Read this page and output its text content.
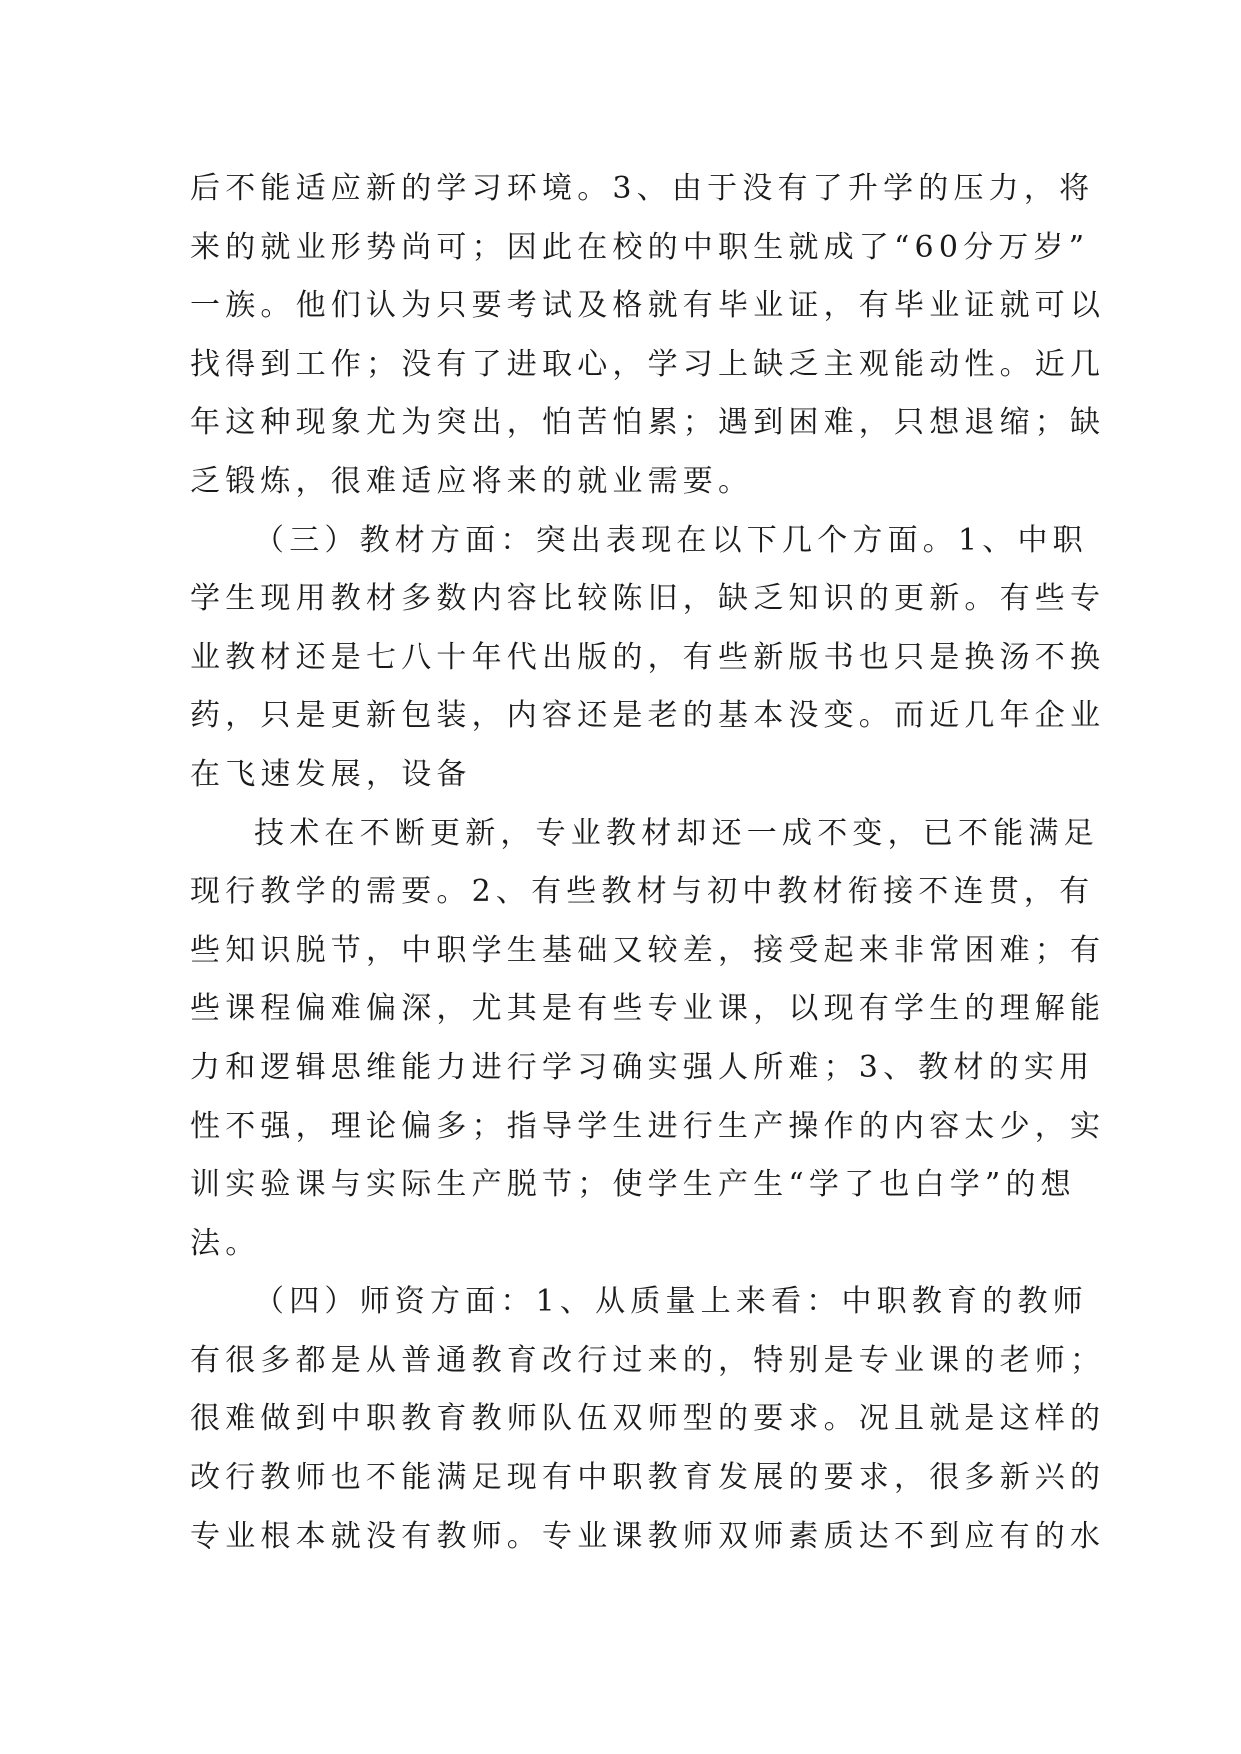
后不能适应新的学习环境。3、由于没有了升学的压力，将
来的就业形势尚可；因此在校的中职生就成了“60分万岁”
一族。他们认为只要考试及格就有毕业证，有毕业证就可以
找得到工作；没有了进取心，学习上缺乏主观能动性。近几
年这种现象尤为突出，怕苦怕累；遇到困难，只想退缩；缺
乏锻炼，很难适应将来的就业需要。
（三）教材方面：突出表现在以下几个方面。1、中职
学生现用教材多数内容比较陈旧，缺乏知识的更新。有些专
业教材还是七八十年代出版的，有些新版书也只是换汤不换
药，只是更新包装，内容还是老的基本没变。而近几年企业
在飞速发展，设备
技术在不断更新，专业教材却还一成不变，已不能满足
现行教学的需要。2、有些教材与初中教材衔接不连贯，有
些知识脱节，中职学生基础又较差，接受起来非常困难；有
些课程偏难偏深，尤其是有些专业课，以现有学生的理解能
力和逻辑思维能力进行学习确实强人所难；3、教材的实用
性不强，理论偏多；指导学生进行生产操作的内容太少，实
训实验课与实际生产脱节；使学生产生“学了也白学”的想
法。
（四）师资方面：1、从质量上来看：中职教育的教师
有很多都是从普通教育改行过来的，特别是专业课的老师；
很难做到中职教育教师队伍双师型的要求。况且就是这样的
改行教师也不能满足现有中职教育发展的要求，很多新兴的
专业根本就没有教师。专业课教师双师素质达不到应有的水
